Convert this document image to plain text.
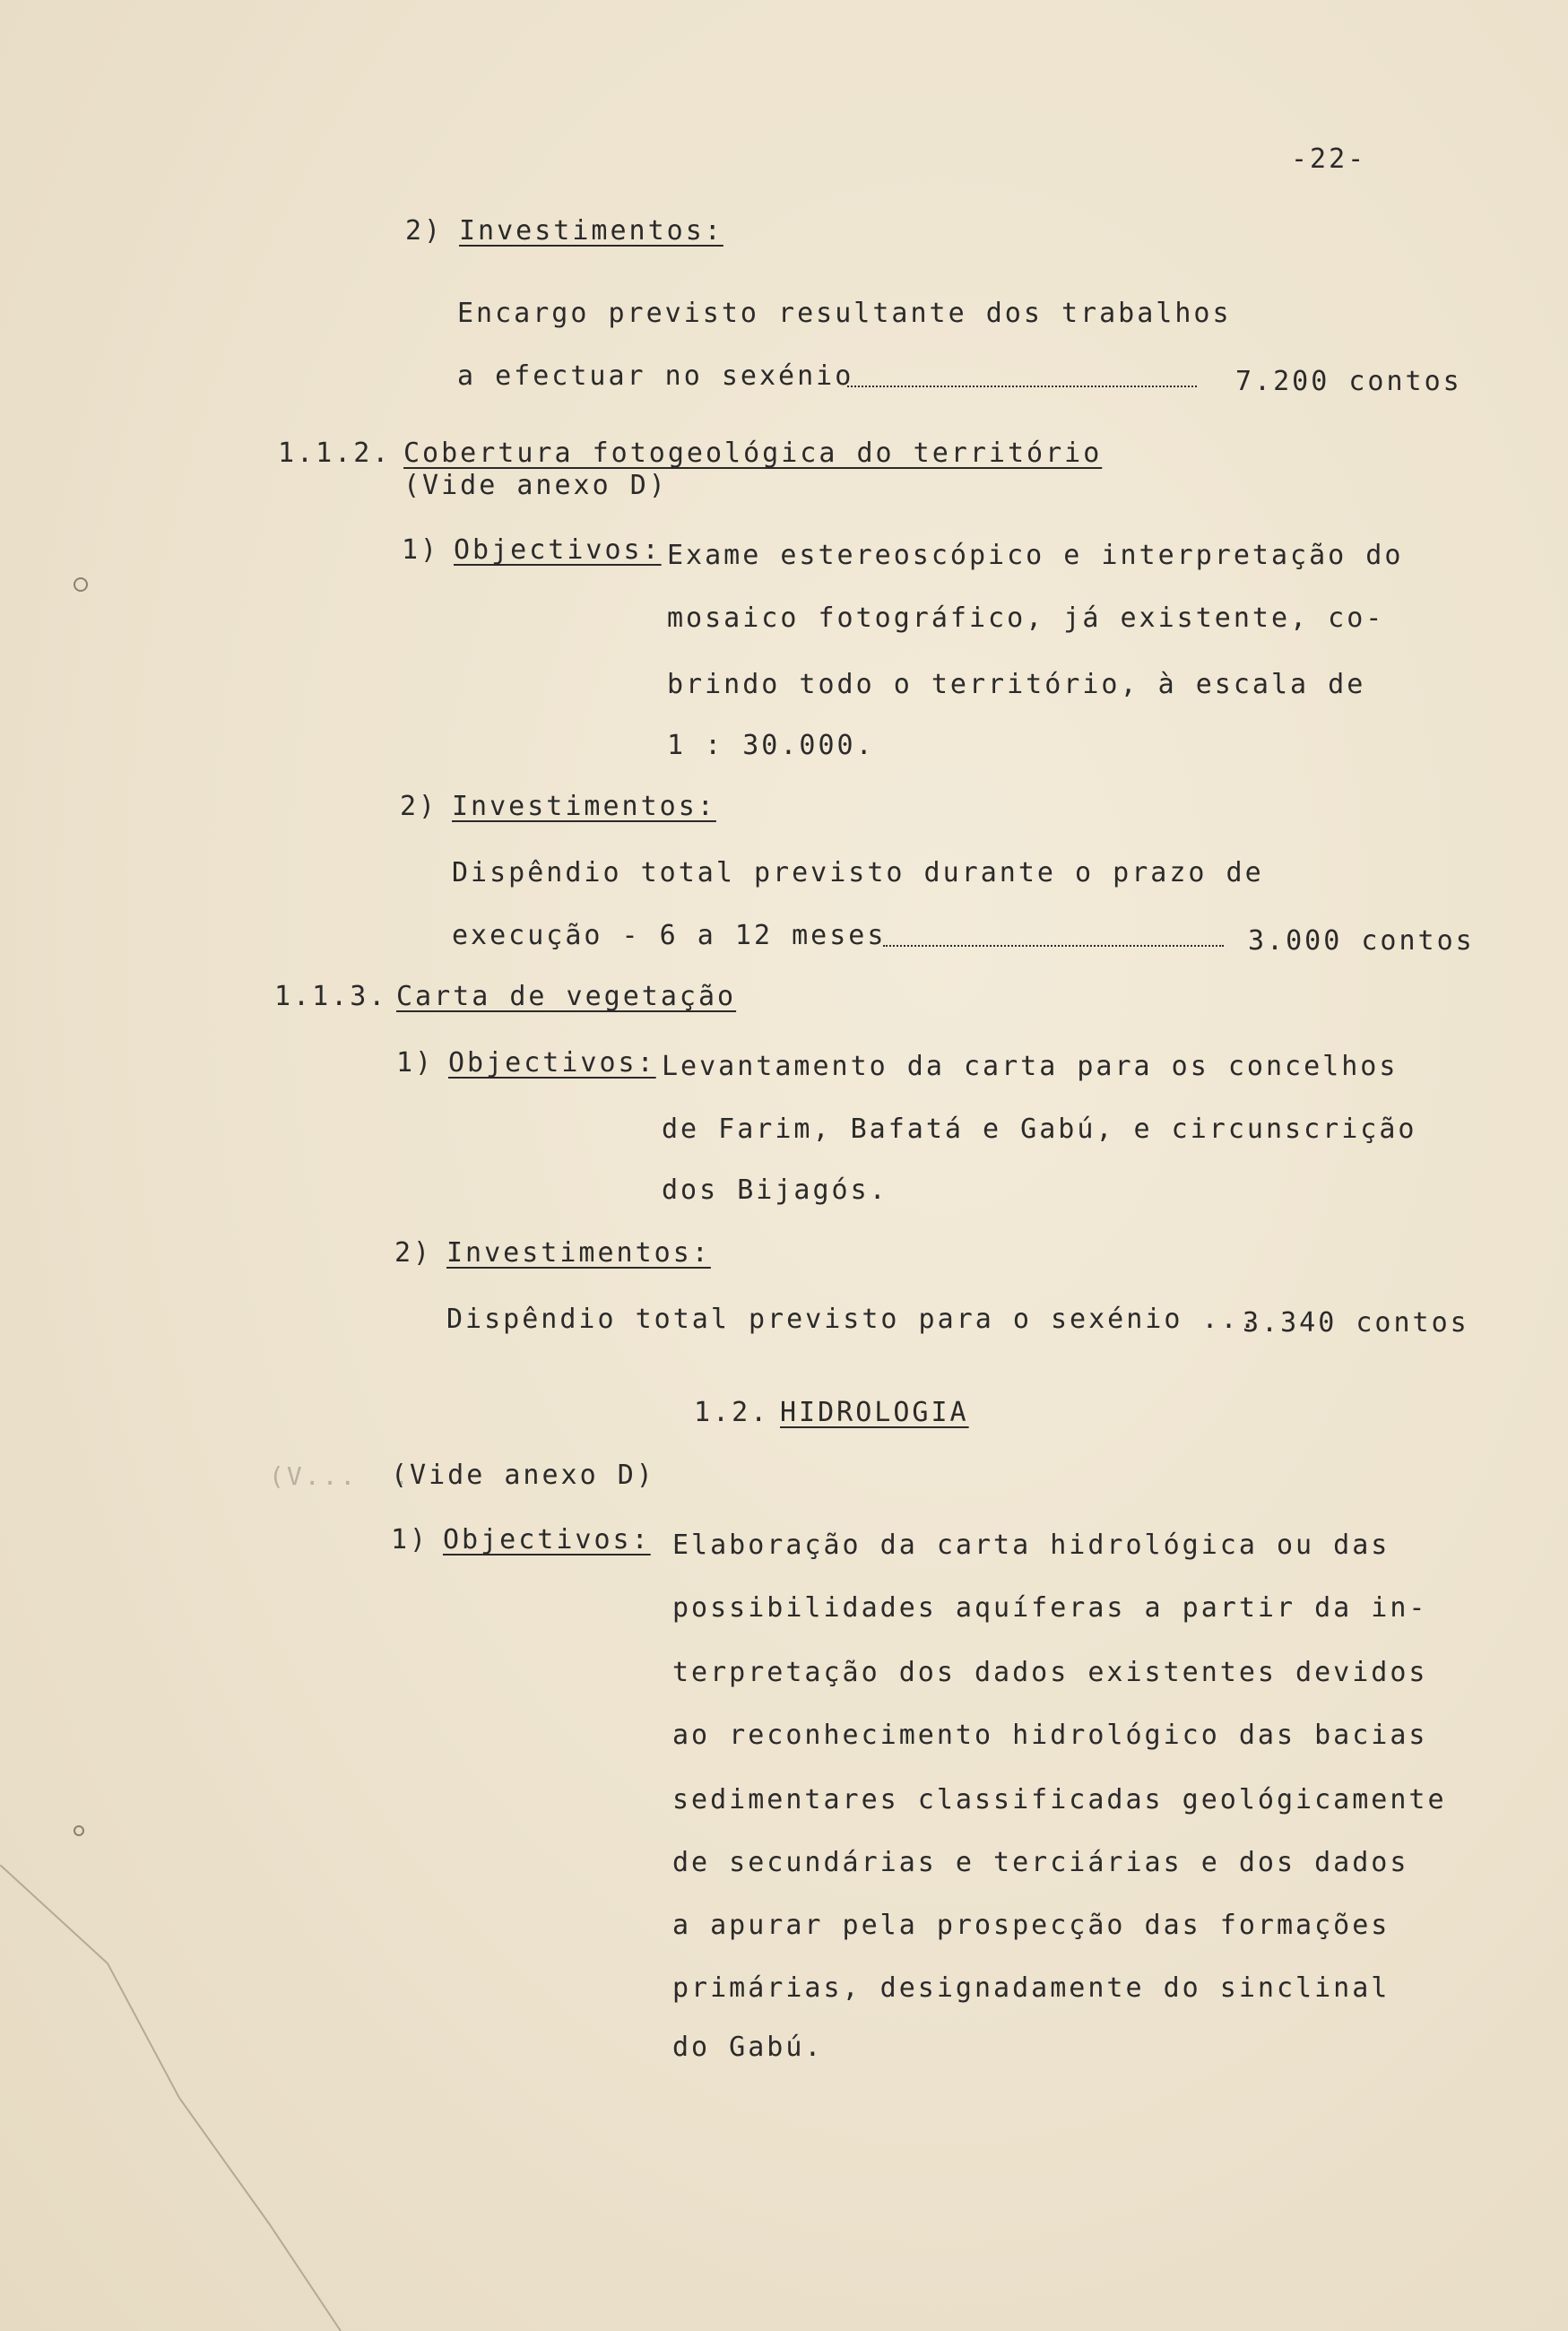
-22-
2) Investimentos:
Encargo previsto resultante dos trabalhos
a efectuar no sexénio	7.200 contos
1.1.2. Cobertura fotogeológica do território
(Vide anexo D)
1) Objectivos: Exame estereoscópico e interpretação do
mosaico fotográfico, já existente, co-
brindo todo o território, à escala de
1 : 30.000.
2) Investimentos:
Dispêndio total previsto durante o prazo de
execução - 6 a 12 meses	3.000 contos
1.1.3. Carta de vegetação
1) Objectivos: Levantamento da carta para os concelhos
de Farim, Bafatá e Gabú, e circunscrição
dos Bijagós.
2) Investimentos:
Dispêndio total previsto para o sexénio ...
3.340 contos
1.2. HIDROLOGIA
(V...  .
(Vide anexo D)
1) Objectivos: Elaboração da carta hidrológica ou das
possibilidades aquíferas a partir da in-
terpretação dos dados existentes devidos
ao reconhecimento hidrológico das bacias
sedimentares classificadas geológicamente
de secundárias e terciárias e dos dados
a apurar pela prospecção das formações
primárias, designadamente do sinclinal
do Gabú.
